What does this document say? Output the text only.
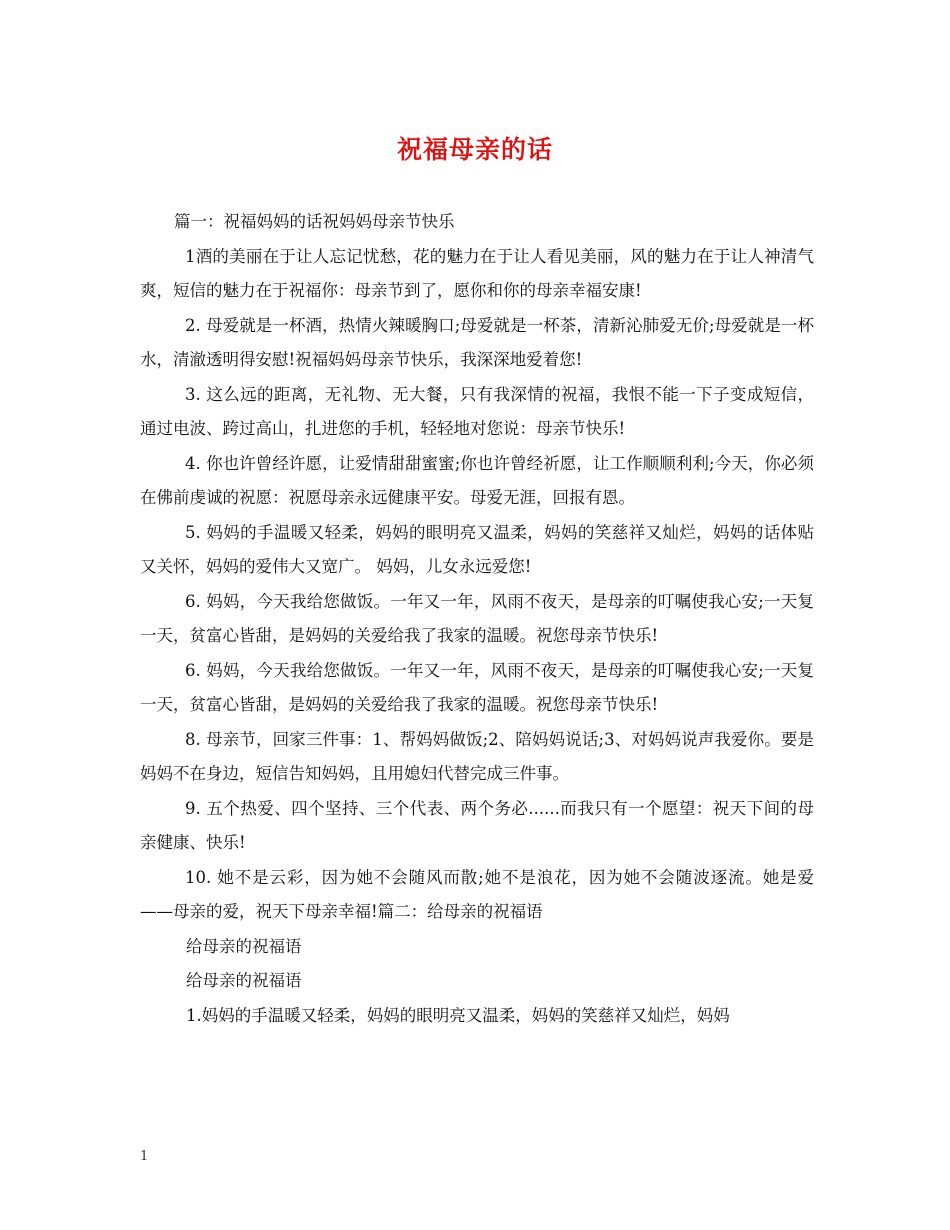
祝福母亲的话

篇一：祝福妈妈的话祝妈妈母亲节快乐

1酒的美丽在于让人忘记忧愁，花的魅力在于让人看见美丽，风的魅力在于让人神清气爽，短信的魅力在于祝福你：母亲节到了，愿你和你的母亲幸福安康!

2. 母爱就是一杯酒，热情火辣暖胸口;母爱就是一杯茶，清新沁肺爱无价;母爱就是一杯水，清澈透明得安慰!祝福妈妈母亲节快乐，我深深地爱着您!

3. 这么远的距离，无礼物、无大餐，只有我深情的祝福，我恨不能一下子变成短信，通过电波、跨过高山，扎进您的手机，轻轻地对您说：母亲节快乐!

4. 你也许曾经许愿，让爱情甜甜蜜蜜;你也许曾经祈愿，让工作顺顺利利;今天，你必须在佛前虔诚的祝愿：祝愿母亲永远健康平安。母爱无涯，回报有恩。

5. 妈妈的手温暖又轻柔，妈妈的眼明亮又温柔，妈妈的笑慈祥又灿烂，妈妈的话体贴又关怀，妈妈的爱伟大又宽广。 妈妈，儿女永远爱您!

6. 妈妈，今天我给您做饭。一年又一年，风雨不夜天，是母亲的叮嘱使我心安;一天复一天，贫富心皆甜，是妈妈的关爱给我了我家的温暖。祝您母亲节快乐!

6. 妈妈，今天我给您做饭。一年又一年，风雨不夜天，是母亲的叮嘱使我心安;一天复一天，贫富心皆甜，是妈妈的关爱给我了我家的温暖。祝您母亲节快乐!

8. 母亲节，回家三件事：1、帮妈妈做饭;2、陪妈妈说话;3、对妈妈说声我爱你。要是妈妈不在身边，短信告知妈妈，且用媳妇代替完成三件事。

9. 五个热爱、四个坚持、三个代表、两个务必......而我只有一个愿望：祝天下间的母亲健康、快乐!

10. 她不是云彩，因为她不会随风而散;她不是浪花，因为她不会随波逐流。她是爱——母亲的爱，祝天下母亲幸福!篇二：给母亲的祝福语

给母亲的祝福语

给母亲的祝福语

1.妈妈的手温暖又轻柔，妈妈的眼明亮又温柔，妈妈的笑慈祥又灿烂，妈妈

1
